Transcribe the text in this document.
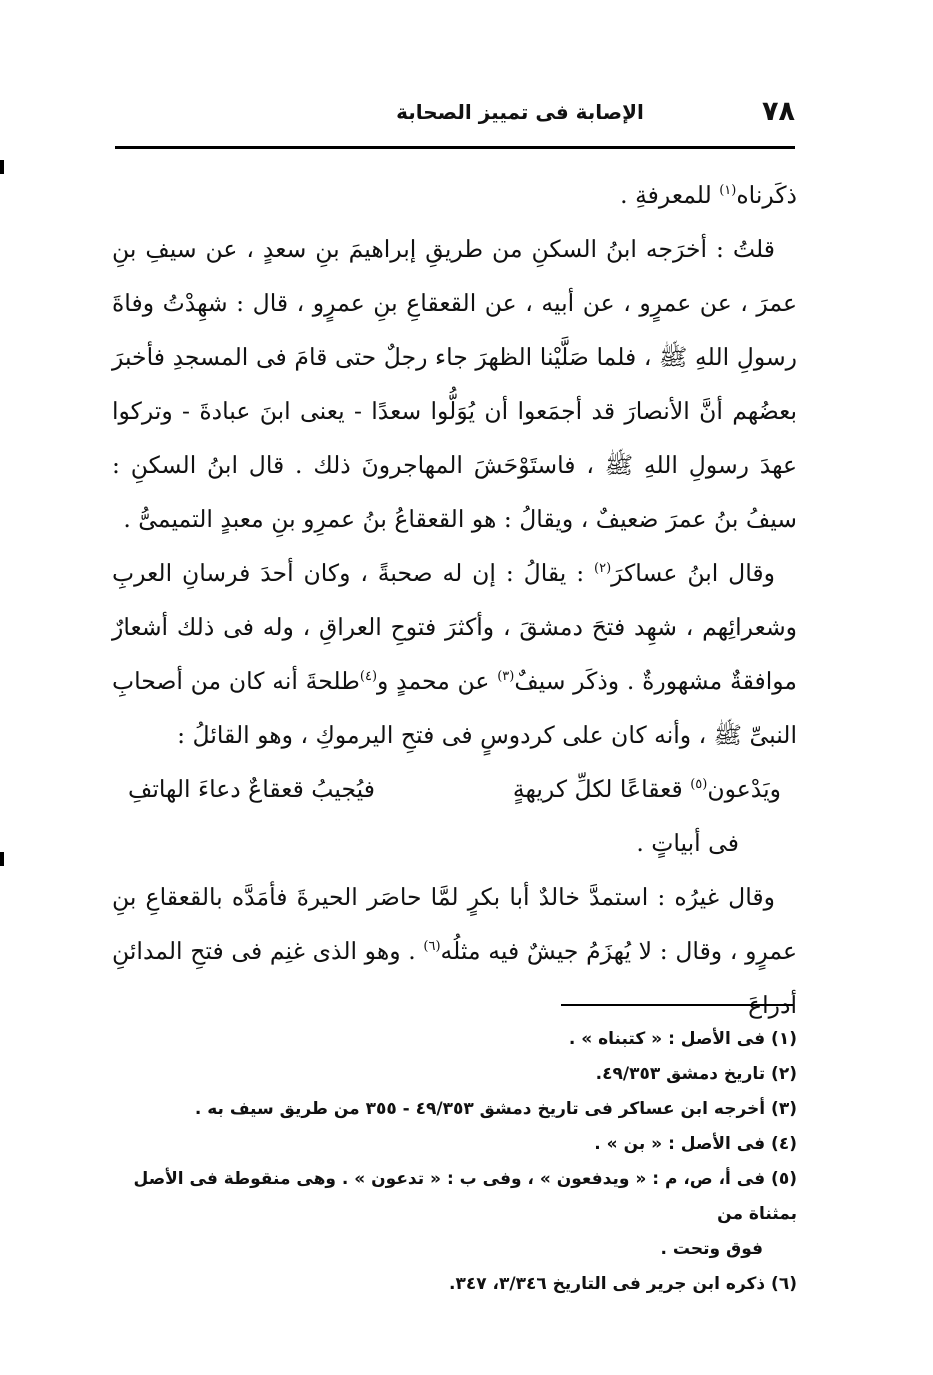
٧٨
الإصابة فى تمييز الصحابة

ذكَرناه$^{(١)}$ للمعرفةِ .

قلتُ : أخرَجه ابنُ السكنِ من طريقِ إبراهيمَ بنِ سعدٍ ، عن سيفِ بنِ عمرَ ، عن عمرٍو ، عن أبيه ، عن القعقاعِ بنِ عمرٍو ، قال : شهِدْتُ وفاةَ رسولِ اللهِ ﷺ ، فلما صَلَّيْنا الظهرَ جاء رجلٌ حتى قامَ فى المسجدِ فأخبرَ بعضُهم أنَّ الأنصارَ قد أجمَعوا أن يُوَلُّوا سعدًا - يعنى ابنَ عبادةَ - وتركوا عهدَ رسولِ اللهِ ﷺ ، فاستَوْحَشَ المهاجرونَ ذلك . قال ابنُ السكنِ : سيفُ بنُ عمرَ ضعيفٌ ، ويقالُ : هو القعقاعُ بنُ عمرِو بنِ معبدٍ التميمىُّ .

وقال ابنُ عساكرَ$^{(٢)}$ : يقالُ : إن له صحبةً ، وكان أحدَ فرسانِ العربِ وشعرائِهم ، شهِد فتحَ دمشقَ ، وأكثرَ فتوحِ العراقِ ، وله فى ذلك أشعارٌ موافقةٌ مشهورةٌ . وذكَر سيفٌ$^{(٣)}$ عن محمدٍ و$^{(٤)}$طلحةَ أنه كان من أصحابِ النبىِّ ﷺ ، وأنه كان على كردوسٍ فى فتحِ اليرموكِ ، وهو القائلُ :

ويَدْعون$^{(٥)}$ قعقاعًا لكلِّ كريهةٍ
فيُجيبُ قعقاعٌ دعاءَ الهاتفِ

فى أبياتٍ .

وقال غيرُه : استمدَّ خالدٌ أبا بكرٍ لمَّا حاصَر الحيرةَ فأمَدَّه بالقعقاعِ بنِ عمرٍو ، وقال : لا يُهزَمُ جيشٌ فيه مثلُه$^{(٦)}$ . وهو الذى غنِم فى فتحِ المدائنِ أدراعَ

(١) فى الأصل : « كتبناه » .

(٢) تاريخ دمشق ٤٩/٣٥٣.

(٣) أخرجه ابن عساكر فى تاريخ دمشق ٤٩/٣٥٣ - ٣٥٥ من طريق سيف به .

(٤) فى الأصل : « بن » .

(٥) فى أ، ص، م : « ويدفعون » ، وفى ب : « تدعون » . وهى منقوطة فى الأصل بمثناة من

فوق وتحت .

(٦) ذكره ابن جرير فى التاريخ ٣/٣٤٦، ٣٤٧.
